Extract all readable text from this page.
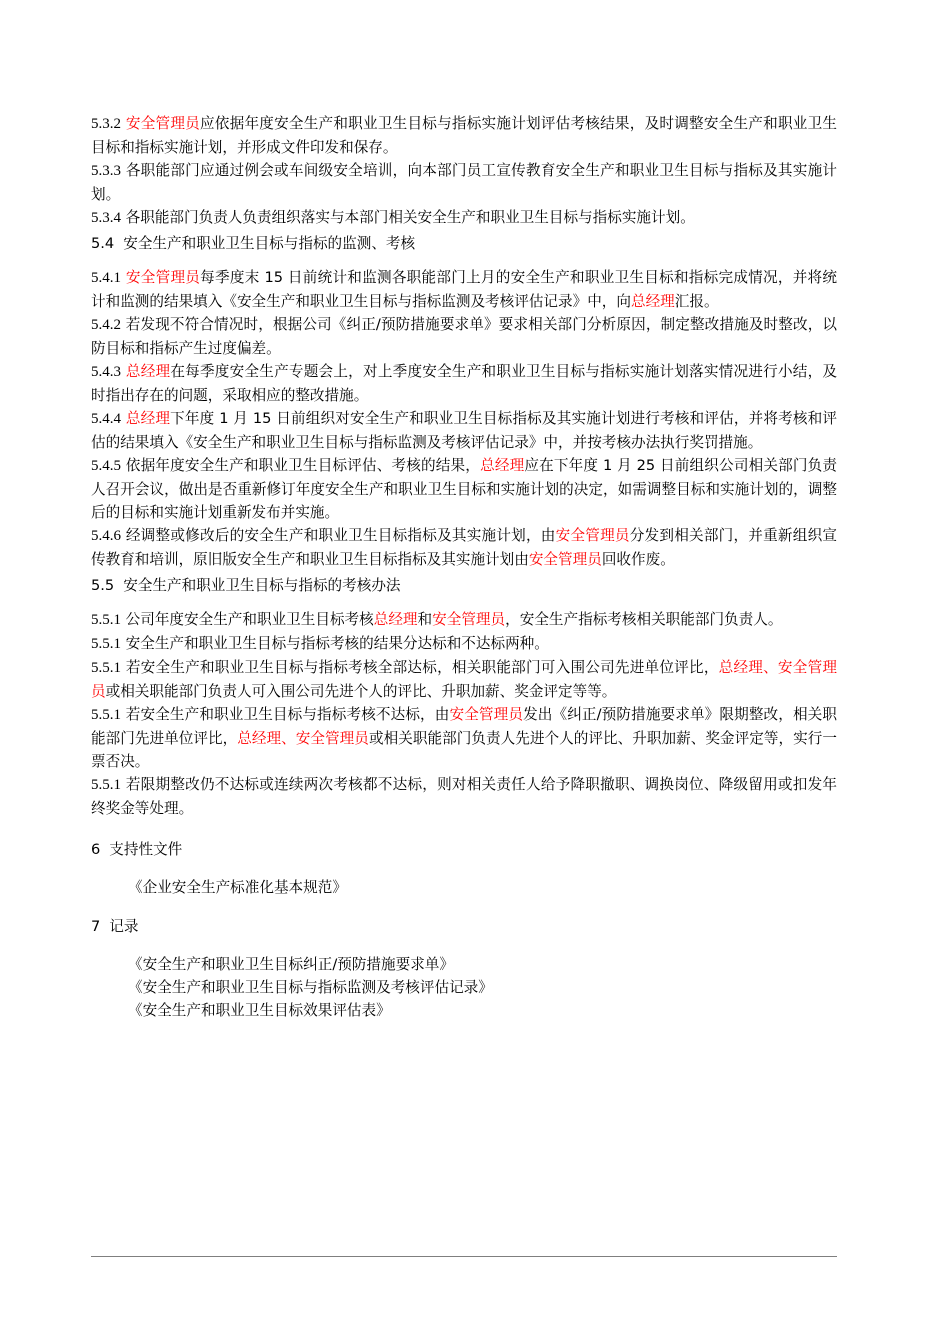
5.3.2 安全管理员应依据年度安全生产和职业卫生目标与指标实施计划评估考核结果，及时调整安全生产和职业卫生目标和指标实施计划，并形成文件印发和保存。

5.3.3 各职能部门应通过例会或车间级安全培训，向本部门员工宣传教育安全生产和职业卫生目标与指标及其实施计划。

5.3.4 各职能部门负责人负责组织落实与本部门相关安全生产和职业卫生目标与指标实施计划。

5.4 安全生产和职业卫生目标与指标的监测、考核

5.4.1 安全管理员每季度末 15 日前统计和监测各职能部门上月的安全生产和职业卫生目标和指标完成情况，并将统计和监测的结果填入《安全生产和职业卫生目标与指标监测及考核评估记录》中，向总经理汇报。

5.4.2 若发现不符合情况时，根据公司《纠正/预防措施要求单》要求相关部门分析原因，制定整改措施及时整改，以防目标和指标产生过度偏差。

5.4.3 总经理在每季度安全生产专题会上，对上季度安全生产和职业卫生目标与指标实施计划落实情况进行小结，及时指出存在的问题，采取相应的整改措施。

5.4.4 总经理下年度 1 月 15 日前组织对安全生产和职业卫生目标指标及其实施计划进行考核和评估，并将考核和评估的结果填入《安全生产和职业卫生目标与指标监测及考核评估记录》中，并按考核办法执行奖罚措施。

5.4.5 依据年度安全生产和职业卫生目标评估、考核的结果，总经理应在下年度 1 月 25 日前组织公司相关部门负责人召开会议，做出是否重新修订年度安全生产和职业卫生目标和实施计划的决定，如需调整目标和实施计划的，调整后的目标和实施计划重新发布并实施。

5.4.6 经调整或修改后的安全生产和职业卫生目标指标及其实施计划，由安全管理员分发到相关部门，并重新组织宣传教育和培训，原旧版安全生产和职业卫生目标指标及其实施计划由安全管理员回收作废。

5.5 安全生产和职业卫生目标与指标的考核办法

5.5.1 公司年度安全生产和职业卫生目标考核总经理和安全管理员，安全生产指标考核相关职能部门负责人。

5.5.1 安全生产和职业卫生目标与指标考核的结果分达标和不达标两种。

5.5.1 若安全生产和职业卫生目标与指标考核全部达标，相关职能部门可入围公司先进单位评比，总经理、安全管理员或相关职能部门负责人可入围公司先进个人的评比、升职加薪、奖金评定等等。

5.5.1 若安全生产和职业卫生目标与指标考核不达标，由安全管理员发出《纠正/预防措施要求单》限期整改，相关职能部门先进单位评比，总经理、安全管理员或相关职能部门负责人先进个人的评比、升职加薪、奖金评定等，实行一票否决。

5.5.1 若限期整改仍不达标或连续两次考核都不达标，则对相关责任人给予降职撤职、调换岗位、降级留用或扣发年终奖金等处理。

6 支持性文件

《企业安全生产标准化基本规范》

7 记录

《安全生产和职业卫生目标纠正/预防措施要求单》

《安全生产和职业卫生目标与指标监测及考核评估记录》

《安全生产和职业卫生目标效果评估表》
